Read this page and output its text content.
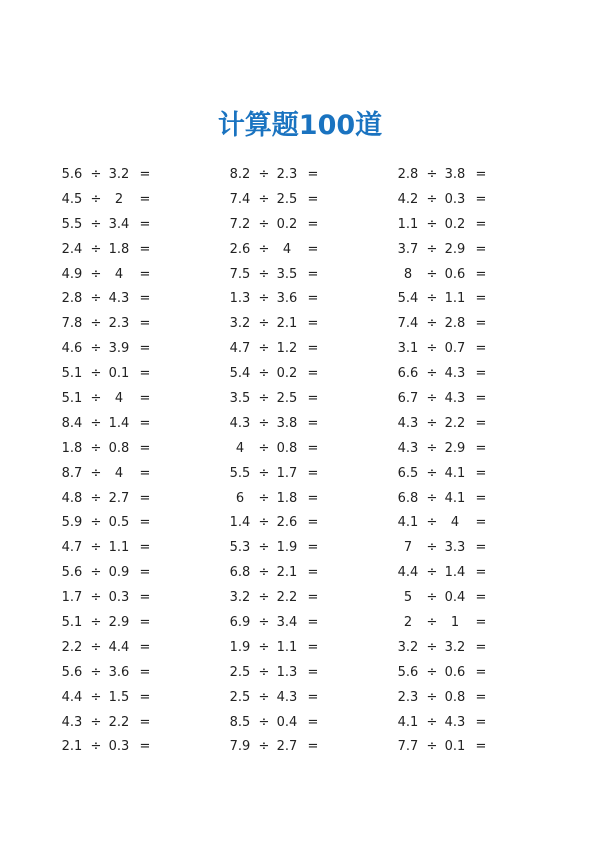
计算题100道
5.6 ÷ 3.2 =
4.5 ÷	2	=
5.5 ÷ 3.4 =
2.4 ÷ 1.8 =
4.9 ÷	4	=
2.8 ÷ 4.3 =
7.8 ÷ 2.3 =
4.6 ÷ 3.9 =
5.1 ÷ 0.1 =
5.1 ÷	4	=
8.4 ÷ 1.4 =
1.8 ÷ 0.8 =
8.7 ÷	4	=
4.8 ÷ 2.7 =
5.9 ÷ 0.5 =
4.7 ÷ 1.1 =
5.6 ÷ 0.9 =
1.7 ÷ 0.3 =
5.1 ÷ 2.9 =
2.2 ÷ 4.4 =
5.6 ÷ 3.6 =
4.4 ÷ 1.5 =
4.3 ÷ 2.2 =
2.1 ÷ 0.3 =
8.2 ÷ 2.3 =
7.4 ÷ 2.5 =
7.2 ÷ 0.2 =
2.6 ÷	4	=
7.5 ÷ 3.5 =
1.3 ÷ 3.6 =
3.2 ÷ 2.1 =
4.7 ÷ 1.2 =
5.4 ÷ 0.2 =
3.5 ÷ 2.5 =
4.3 ÷ 3.8 =
4	÷ 0.8 =
5.5 ÷ 1.7 =
6	÷ 1.8 =
1.4 ÷ 2.6 =
5.3 ÷ 1.9 =
6.8 ÷ 2.1 =
3.2 ÷ 2.2 =
6.9 ÷ 3.4 =
1.9 ÷ 1.1 =
2.5 ÷ 1.3 =
2.5 ÷ 4.3 =
8.5 ÷ 0.4 =
7.9 ÷ 2.7 =
2.8 ÷ 3.8 =
4.2 ÷ 0.3 =
1.1 ÷ 0.2 =
3.7 ÷ 2.9 =
8	÷ 0.6 =
5.4 ÷ 1.1 =
7.4 ÷ 2.8 =
3.1 ÷ 0.7 =
6.6 ÷ 4.3 =
6.7 ÷ 4.3 =
4.3 ÷ 2.2 =
4.3 ÷ 2.9 =
6.5 ÷ 4.1 =
6.8 ÷ 4.1 =
4.1 ÷	4	=
7	÷ 3.3 =
4.4 ÷ 1.4 =
5	÷ 0.4 =
2	÷	1	=
3.2 ÷ 3.2 =
5.6 ÷ 0.6 =
2.3 ÷ 0.8 =
4.1 ÷ 4.3 =
7.7 ÷ 0.1 =
